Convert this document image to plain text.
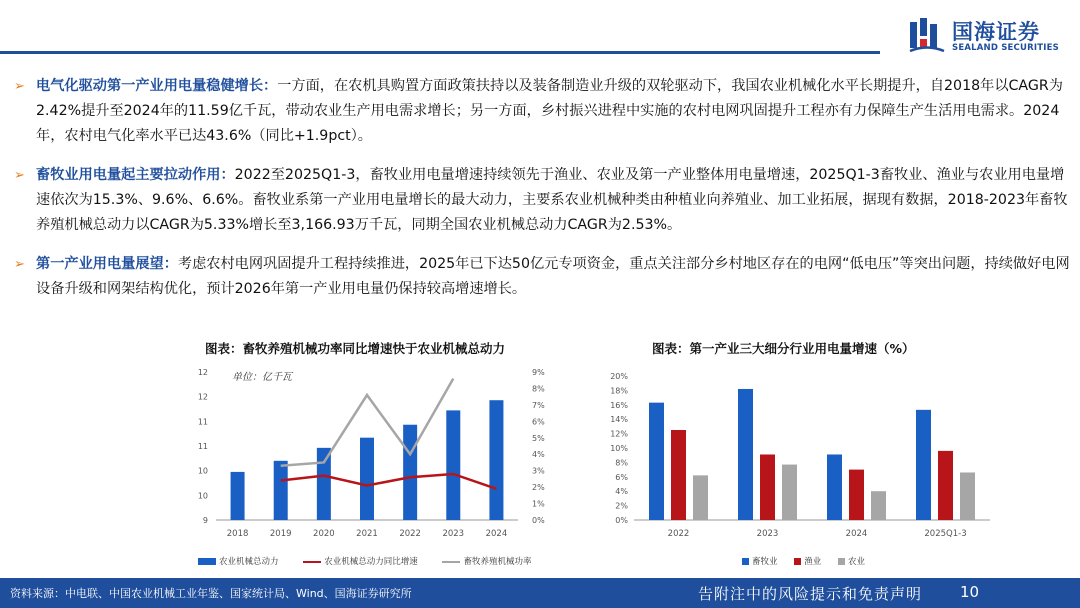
国海证券
SEALAND SECURITIES
➢ 电气化驱动第一产业用电量稳健增长：一方面，在农机具购置方面政策扶持以及装备制造业升级的双轮驱动下，我国农业机械化水平长期提升，自2018年以CAGR为2.42%提升至2024年的11.59亿千瓦，带动农业生产用电需求增长；另一方面，乡村振兴进程中实施的农村电网巩固提升工程亦有力保障生产生活用电需求。2024年，农村电气化率水平已达43.6%（同比+1.9pct）。
➢ 畜牧业用电量起主要拉动作用：2022至2025Q1-3，畜牧业用电量增速持续领先于渔业、农业及第一产业整体用电量增速，2025Q1-3畜牧业、渔业与农业用电量增速依次为15.3%、9.6%、6.6%。畜牧业系第一产业用电量增长的最大动力，主要系农业机械种类由种植业向养殖业、加工业拓展，据现有数据，2018-2023年畜牧养殖机械总动力以CAGR为5.33%增长至3,166.93万千瓦，同期全国农业机械总动力CAGR为2.53%。
➢ 第一产业用电量展望：考虑农村电网巩固提升工程持续推进，2025年已下达50亿元专项资金，重点关注部分乡村地区存在的电网“低电压”等突出问题，持续做好电网设备升级和网架结构优化，预计2026年第一产业用电量仍保持较高增速增长。
图表：畜牧养殖机械功率同比增速快于农业机械总动力
单位：亿千瓦
9
10
10
11
11
12
12
0%
1%
2%
3%
4%
5%
6%
7%
8%
9%
2018	2019	2020	2021	2022	2023	2024
农业机械总动力	农业机械总动力同比增速	畜牧养殖机械功率
图表：第一产业三大细分行业用电量增速（%）
0%
2%
4%
6%
8%
10%
12%
14%
16%
18%
20%
2022	2023	2024	2025Q1-3
畜牧业	渔业	农业
资料来源：中电联、中国农业机械工业年鉴、国家统计局、Wind、国海证券研究所	告附注中的风险提示和免责声明	10
